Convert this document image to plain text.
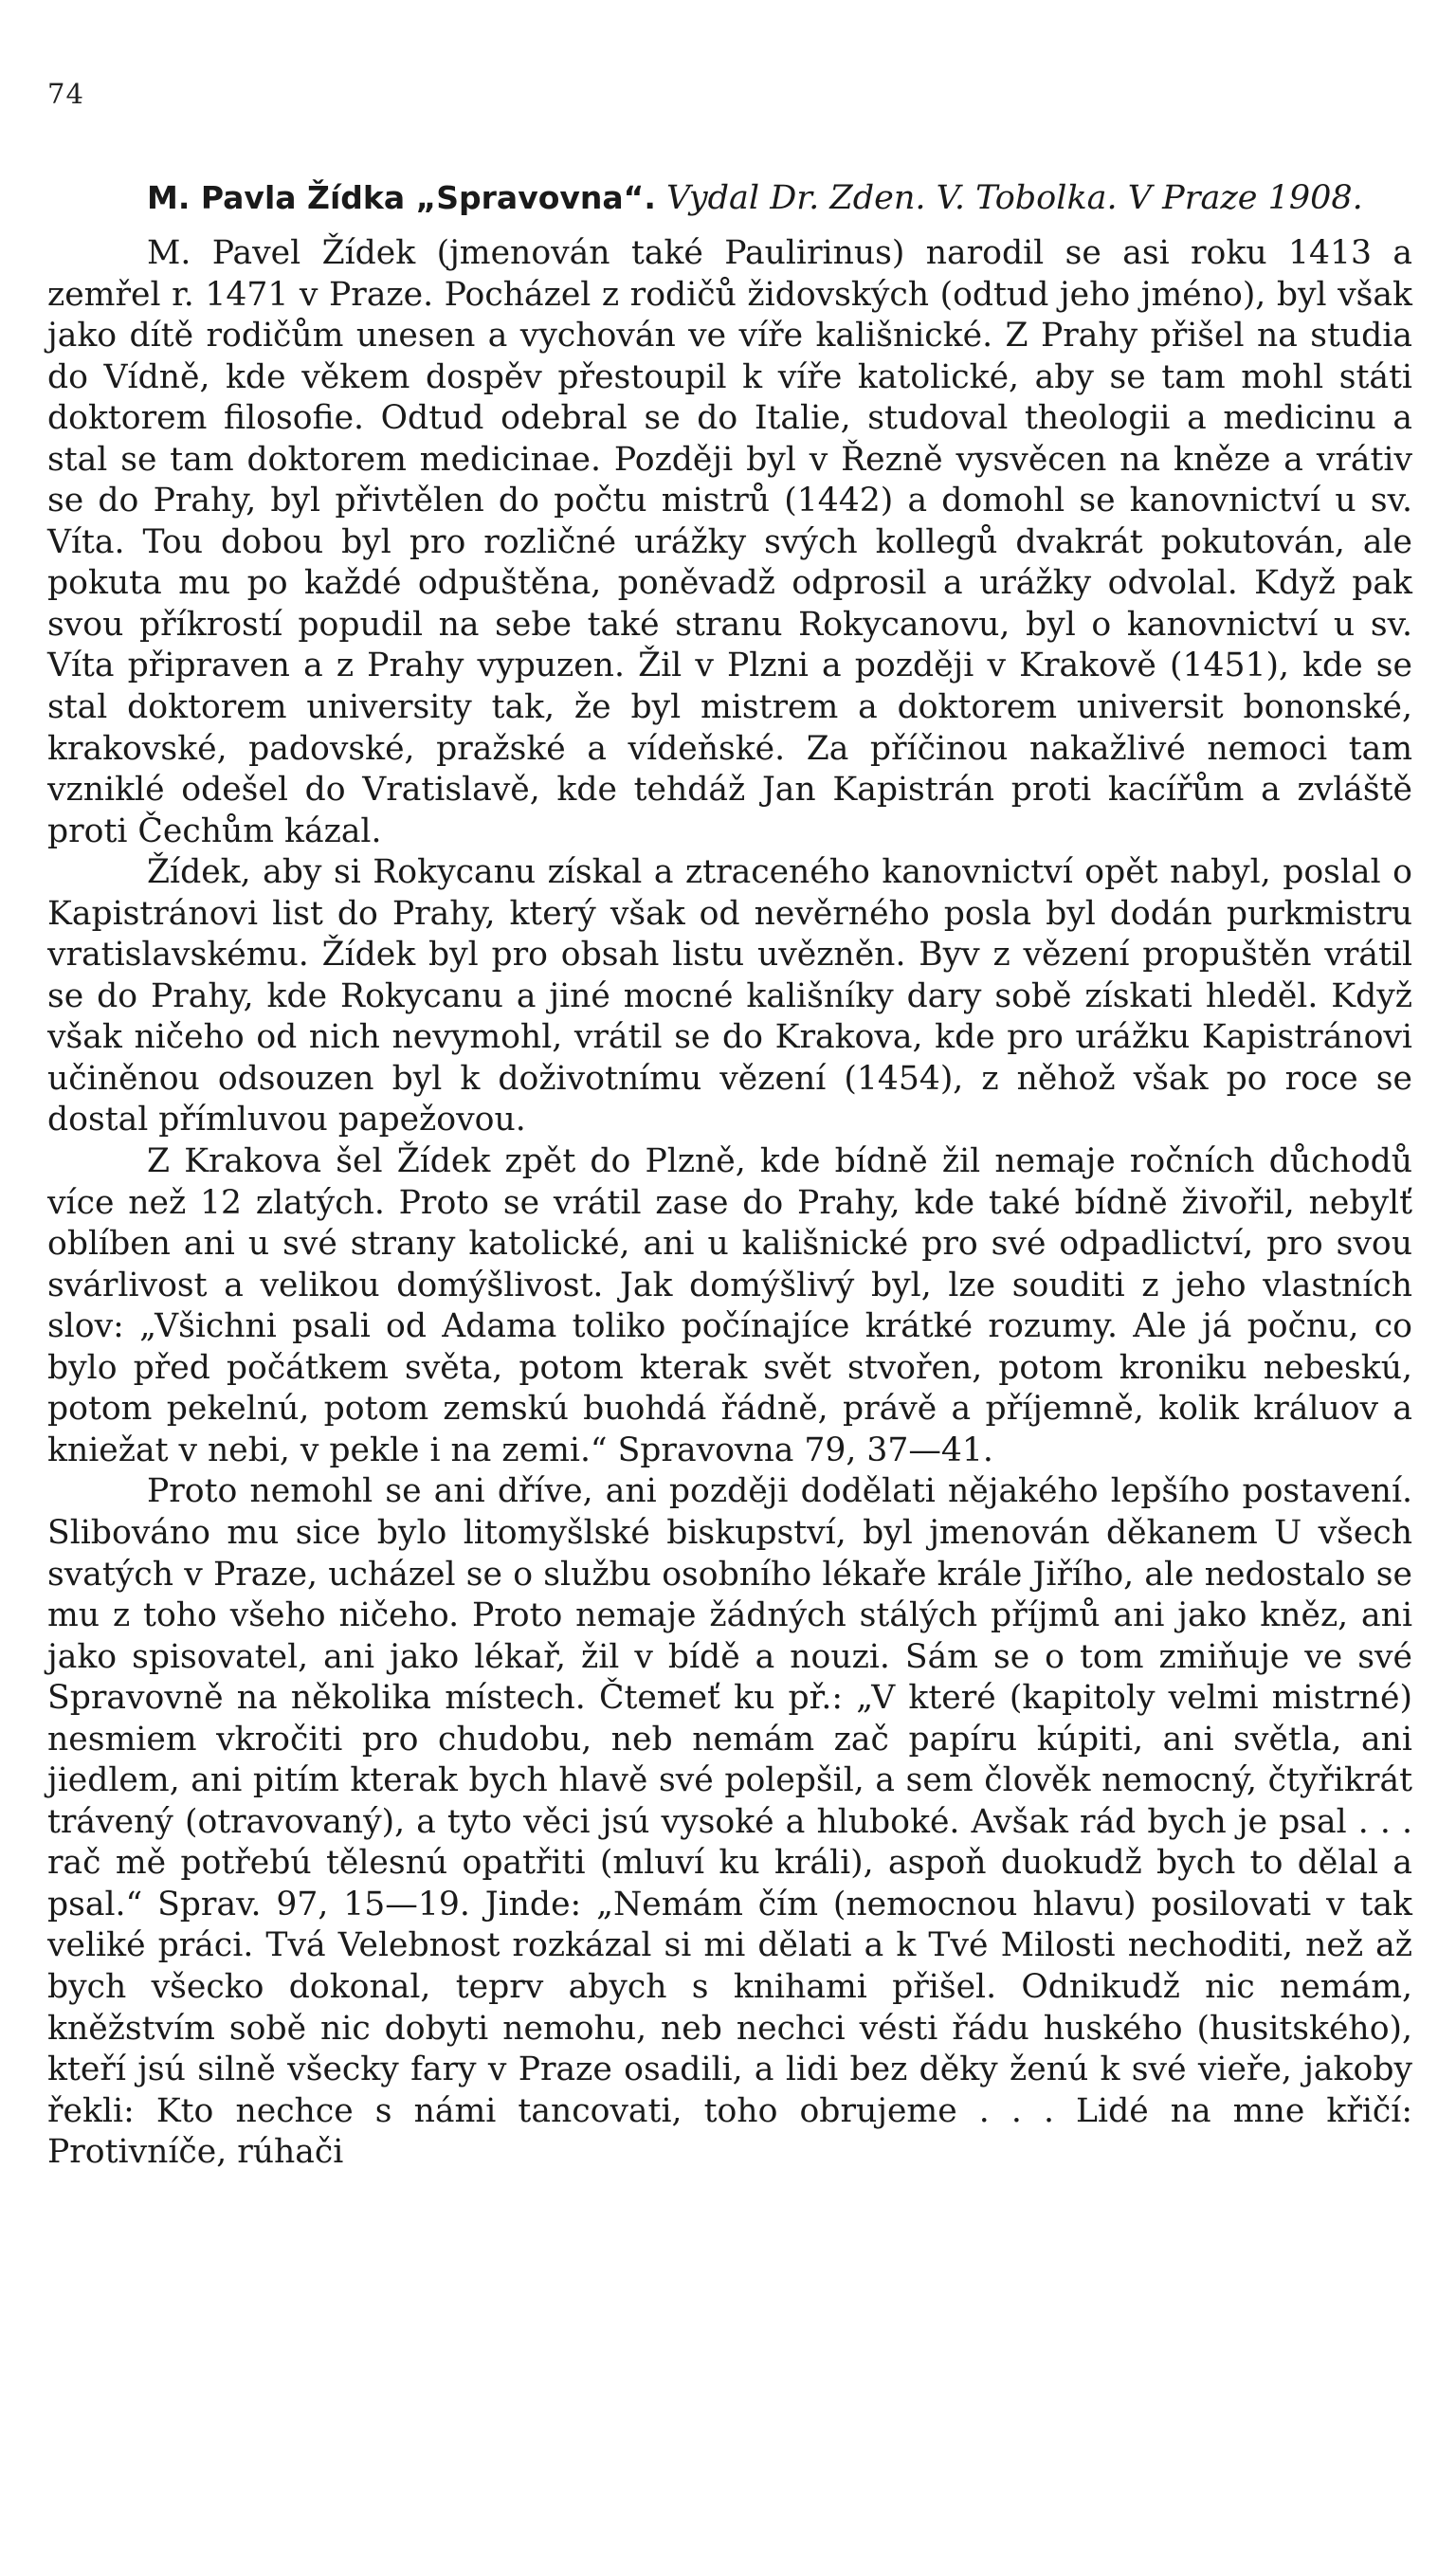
74
M. Pavla Žídka „Spravovna“. Vydal Dr. Zden. V. Tobolka. V Praze 1908.

M. Pavel Žídek (jmenován také Paulirinus) narodil se asi roku 1413 a zemřel r. 1471 v Praze. Pocházel z rodičů židovských (odtud jeho jméno), byl však jako dítě rodičům unesen a vychován ve víře kališnické. Z Prahy přišel na studia do Vídně, kde věkem dospěv přestoupil k víře katolické, aby se tam mohl státi doktorem filosofie. Odtud odebral se do Italie, studoval theologii a medicinu a stal se tam doktorem medicinae. Později byl v Řezně vysvěcen na kněze a vrátiv se do Prahy, byl přivtělen do počtu mistrů (1442) a domohl se kanovnictví u sv. Víta. Tou dobou byl pro rozličné urážky svých kollegů dvakrát pokutován, ale pokuta mu po každé odpuštěna, poněvadž odprosil a urážky odvolal. Když pak svou příkrostí popudil na sebe také stranu Rokycanovu, byl o kanovnictví u sv. Víta připraven a z Prahy vypuzen. Žil v Plzni a později v Krakově (1451), kde se stal doktorem university tak, že byl mistrem a doktorem universit bononské, krakovské, padovské, pražské a vídeňské. Za příčinou nakažlivé nemoci tam vzniklé odešel do Vratislavě, kde tehdáž Jan Kapistrán proti kacířům a zvláště proti Čechům kázal.

Žídek, aby si Rokycanu získal a ztraceného kanovnictví opět nabyl, poslal o Kapistránovi list do Prahy, který však od nevěrného posla byl dodán purkmistru vratislavskému. Žídek byl pro obsah listu uvězněn. Byv z vězení propuštěn vrátil se do Prahy, kde Rokycanu a jiné mocné kališníky dary sobě získati hleděl. Když však ničeho od nich nevymohl, vrátil se do Krakova, kde pro urážku Kapistránovi učiněnou odsouzen byl k doživotnímu vězení (1454), z něhož však po roce se dostal přímluvou papežovou.

Z Krakova šel Žídek zpět do Plzně, kde bídně žil nemaje ročních důchodů více než 12 zlatých. Proto se vrátil zase do Prahy, kde také bídně živořil, nebylť oblíben ani u své strany katolické, ani u kališnické pro své odpadlictví, pro svou svárlivost a velikou domýšlivost. Jak domýšlivý byl, lze souditi z jeho vlastních slov: „Všichni psali od Adama toliko počínajíce krátké rozumy. Ale já počnu, co bylo před počátkem světa, potom kterak svět stvořen, potom kroniku nebeskú, potom pekelnú, potom zemskú buohdá řádně, právě a příjemně, kolik králuov a kniežat v nebi, v pekle i na zemi.“ Spravovna 79, 37—41.

Proto nemohl se ani dříve, ani později dodělati nějakého lepšího postavení. Slibováno mu sice bylo litomyšlské biskupství, byl jmenován děkanem U všech svatých v Praze, ucházel se o službu osobního lékaře krále Jiřího, ale nedostalo se mu z toho všeho ničeho. Proto nemaje žádných stálých příjmů ani jako kněz, ani jako spisovatel, ani jako lékař, žil v bídě a nouzi. Sám se o tom zmiňuje ve své Spravovně na několika místech. Čtemeť ku př.: „V které (kapitoly velmi mistrné) nesmiem vkročiti pro chudobu, neb nemám zač papíru kúpiti, ani světla, ani jiedlem, ani pitím kterak bych hlavě své polepšil, a sem člověk nemocný, čtyřikrát trávený (otravovaný), a tyto věci jsú vysoké a hluboké. Avšak rád bych je psal . . . rač mě potřebú tělesnú opatřiti (mluví ku králi), aspoň duokudž bych to dělal a psal.“ Sprav. 97, 15—19. Jinde: „Nemám čím (nemocnou hlavu) posilovati v tak veliké práci. Tvá Velebnost rozkázal si mi dělati a k Tvé Milosti nechoditi, než až bych všecko dokonal, teprv abych s knihami přišel. Odnikudž nic nemám, kněžstvím sobě nic dobyti nemohu, neb nechci vésti řádu huského (husitského), kteří jsú silně všecky fary v Praze osadili, a lidi bez děky ženú k své vieře, jakoby řekli: Kto nechce s námi tancovati, toho obrujeme . . . Lidé na mne křičí: Protivníče, rúhači
